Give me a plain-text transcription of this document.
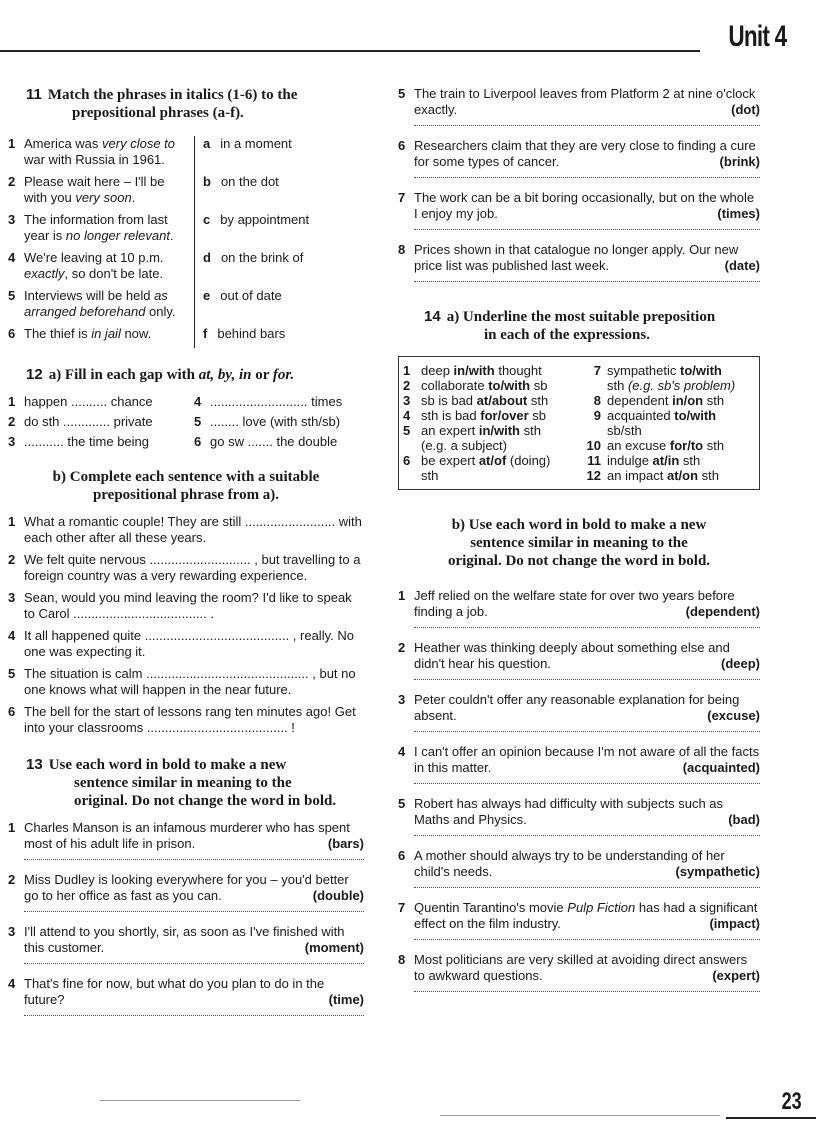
Unit 4
11 Match the phrases in italics (1-6) to the
prepositional phrases (a-f).
1 America was very close to war with Russia in 1961.
a in a moment
2 Please wait here – I'll be with you very soon.
b on the dot
3 The information from last year is no longer relevant.
c by appointment
4 We're leaving at 10 p.m. exactly, so don't be late.
d on the brink of
5 Interviews will be held as arranged beforehand only.
e out of date
6 The thief is in jail now.	f behind bars
12 a) Fill in each gap with at, by, in or for.
1 happen .......... chance	4 ........................... times
2 do sth ............. private	5 ........ love (with sth/sb)
3 ........... the time being	6 go sw ....... the double
b) Complete each sentence with a suitable
prepositional phrase from a).
1 What a romantic couple! They are still ......................... with each other after all these years.
2 We felt quite nervous ............................ , but travelling to a foreign country was a very rewarding experience.
3 Sean, would you mind leaving the room? I'd like to speak to Carol ..................................... .
4 It all happened quite ........................................ , really. No one was expecting it.
5 The situation is calm ............................................. , but no one knows what will happen in the near future.
6 The bell for the start of lessons rang ten minutes ago! Get into your classrooms ....................................... !
13 Use each word in bold to make a new
sentence similar in meaning to the
original. Do not change the word in bold.
1 Charles Manson is an infamous murderer who has spent most of his adult life in prison.	(bars)
2 Miss Dudley is looking everywhere for you – you'd better go to her office as fast as you can.	(double)
3 I'll attend to you shortly, sir, as soon as I've finished with this customer.	(moment)
4 That's fine for now, but what do you plan to do in the future?	(time)
5 The train to Liverpool leaves from Platform 2 at nine o'clock exactly.	(dot)
6 Researchers claim that they are very close to finding a cure for some types of cancer.	(brink)
7 The work can be a bit boring occasionally, but on the whole I enjoy my job.	(times)
8 Prices shown in that catalogue no longer apply. Our new price list was published last week.	(date)
14 a) Underline the most suitable preposition
in each of the expressions.
1 deep in/with thought	7 sympathetic to/with
2 collaborate to/with sb	sth (e.g. sb's problem)
3 sb is bad at/about sth	8 dependent in/on sth
4 sth is bad for/over sb	9 acquainted to/with
5 an expert in/with sth	sb/sth
(e.g. a subject)	10 an excuse for/to sth
6 be expert at/of (doing)	11 indulge at/in sth
sth	12 an impact at/on sth
b) Use each word in bold to make a new
sentence similar in meaning to the
original. Do not change the word in bold.
1 Jeff relied on the welfare state for over two years before finding a job.	(dependent)
2 Heather was thinking deeply about something else and didn't hear his question.	(deep)
3 Peter couldn't offer any reasonable explanation for being absent.	(excuse)
4 I can't offer an opinion because I'm not aware of all the facts in this matter.	(acquainted)
5 Robert has always had difficulty with subjects such as Maths and Physics.	(bad)
6 A mother should always try to be understanding of her child's needs.	(sympathetic)
7 Quentin Tarantino's movie Pulp Fiction has had a significant effect on the film industry.	(impact)
8 Most politicians are very skilled at avoiding direct answers to awkward questions.	(expert)
23
